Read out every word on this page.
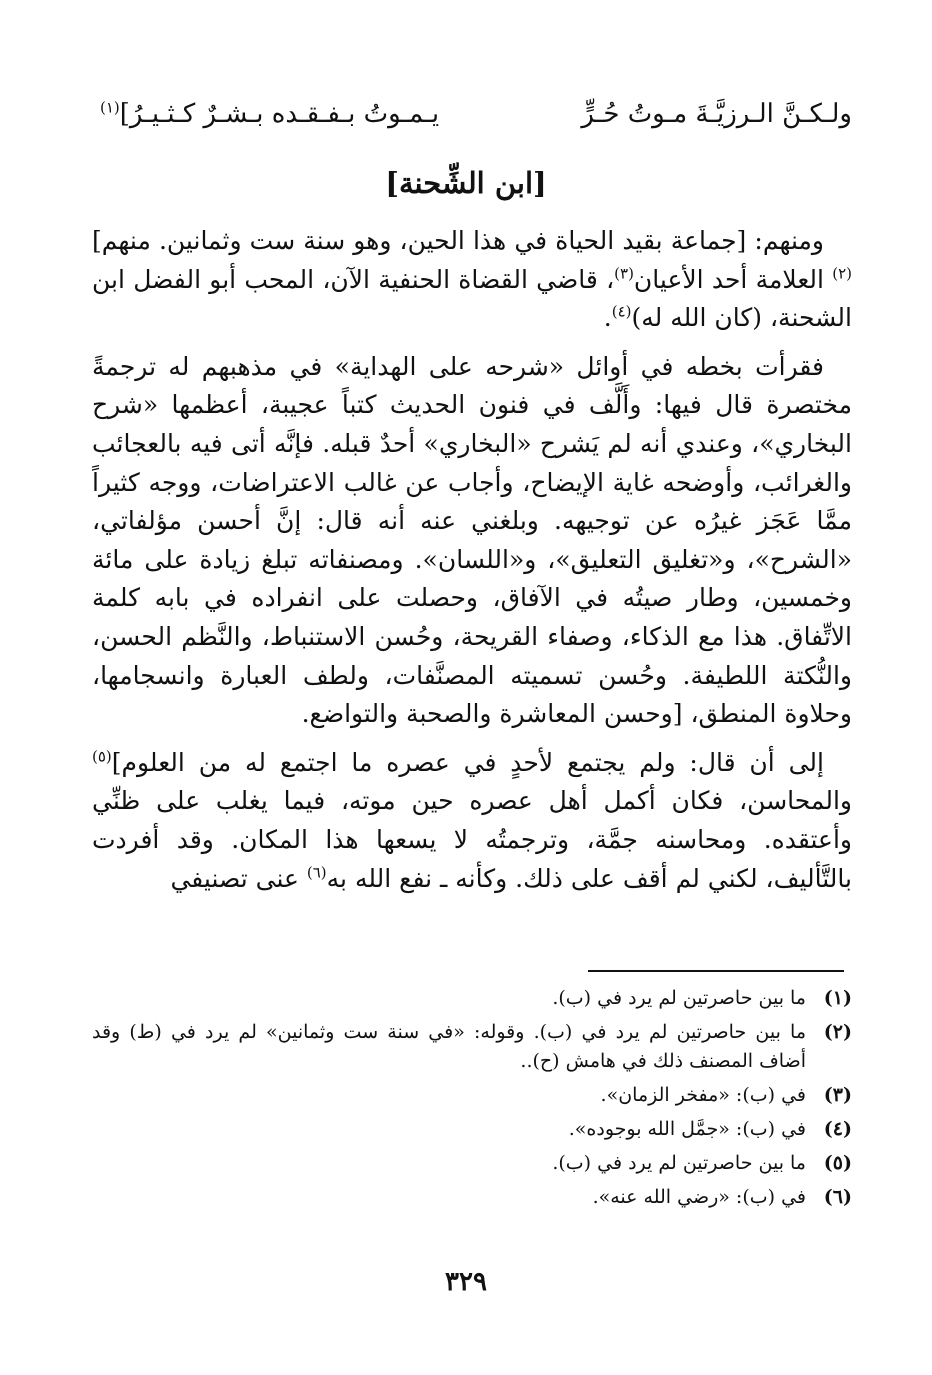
ولـكـنَّ الـرزيَّـةَ مـوتُ حُـرٍّ
يـمـوتُ بـفـقـده بـشـرٌ كـثـيـرُ]$^{(١)}$
[ابن الشِّحنة]

ومنهم: [جماعة بقيد الحياة في هذا الحين، وهو سنة ست وثمانين. منهم]$^{(٢)}$ العلامة أحد الأعيان$^{(٣)}$، قاضي القضاة الحنفية الآن، المحب أبو الفضل ابن الشحنة، (كان الله له)$^{(٤)}$.

فقرأت بخطه في أوائل «شرحه على الهداية» في مذهبهم له ترجمةً مختصرة قال فيها: وأَلَّف في فنون الحديث كتباً عجيبة، أعظمها «شرح البخاري»، وعندي أنه لم يَشرح «البخاري» أحدٌ قبله. فإنَّه أتى فيه بالعجائب والغرائب، وأوضحه غاية الإيضاح، وأجاب عن غالب الاعتراضات، ووجه كثيراً ممَّا عَجَز غيرُه عن توجيهه. وبلغني عنه أنه قال: إنَّ أحسن مؤلفاتي، «الشرح»، و«تغليق التعليق»، و«اللسان». ومصنفاته تبلغ زيادة على مائة وخمسين، وطار صيتُه في الآفاق، وحصلت على انفراده في بابه كلمة الاتِّفاق. هذا مع الذكاء، وصفاء القريحة، وحُسن الاستنباط، والنَّظم الحسن، والنُّكتة اللطيفة. وحُسن تسميته المصنَّفات، ولطف العبارة وانسجامها، وحلاوة المنطق، [وحسن المعاشرة والصحبة والتواضع.

إلى أن قال: ولم يجتمع لأحدٍ في عصره ما اجتمع له من العلوم]$^{(٥)}$ والمحاسن، فكان أكمل أهل عصره حين موته، فيما يغلب على ظنِّي وأعتقده. ومحاسنه جمَّة، وترجمتُه لا يسعها هذا المكان. وقد أفردت بالتَّأليف، لكني لم أقف على ذلك. وكأنه ـ نفع الله به$^{(٦)}$ عنى تصنيفي

(١)
ما بين حاصرتين لم يرد في (ب).
(٢)
ما بين حاصرتين لم يرد في (ب). وقوله: «في سنة ست وثمانين» لم يرد في (ط) وقد أضاف المصنف ذلك في هامش (ح)..
(٣)
في (ب): «مفخر الزمان».
(٤)
في (ب): «جمَّل الله بوجوده».
(٥)
ما بين حاصرتين لم يرد في (ب).
(٦)
في (ب): «رضي الله عنه».
٣٢٩
